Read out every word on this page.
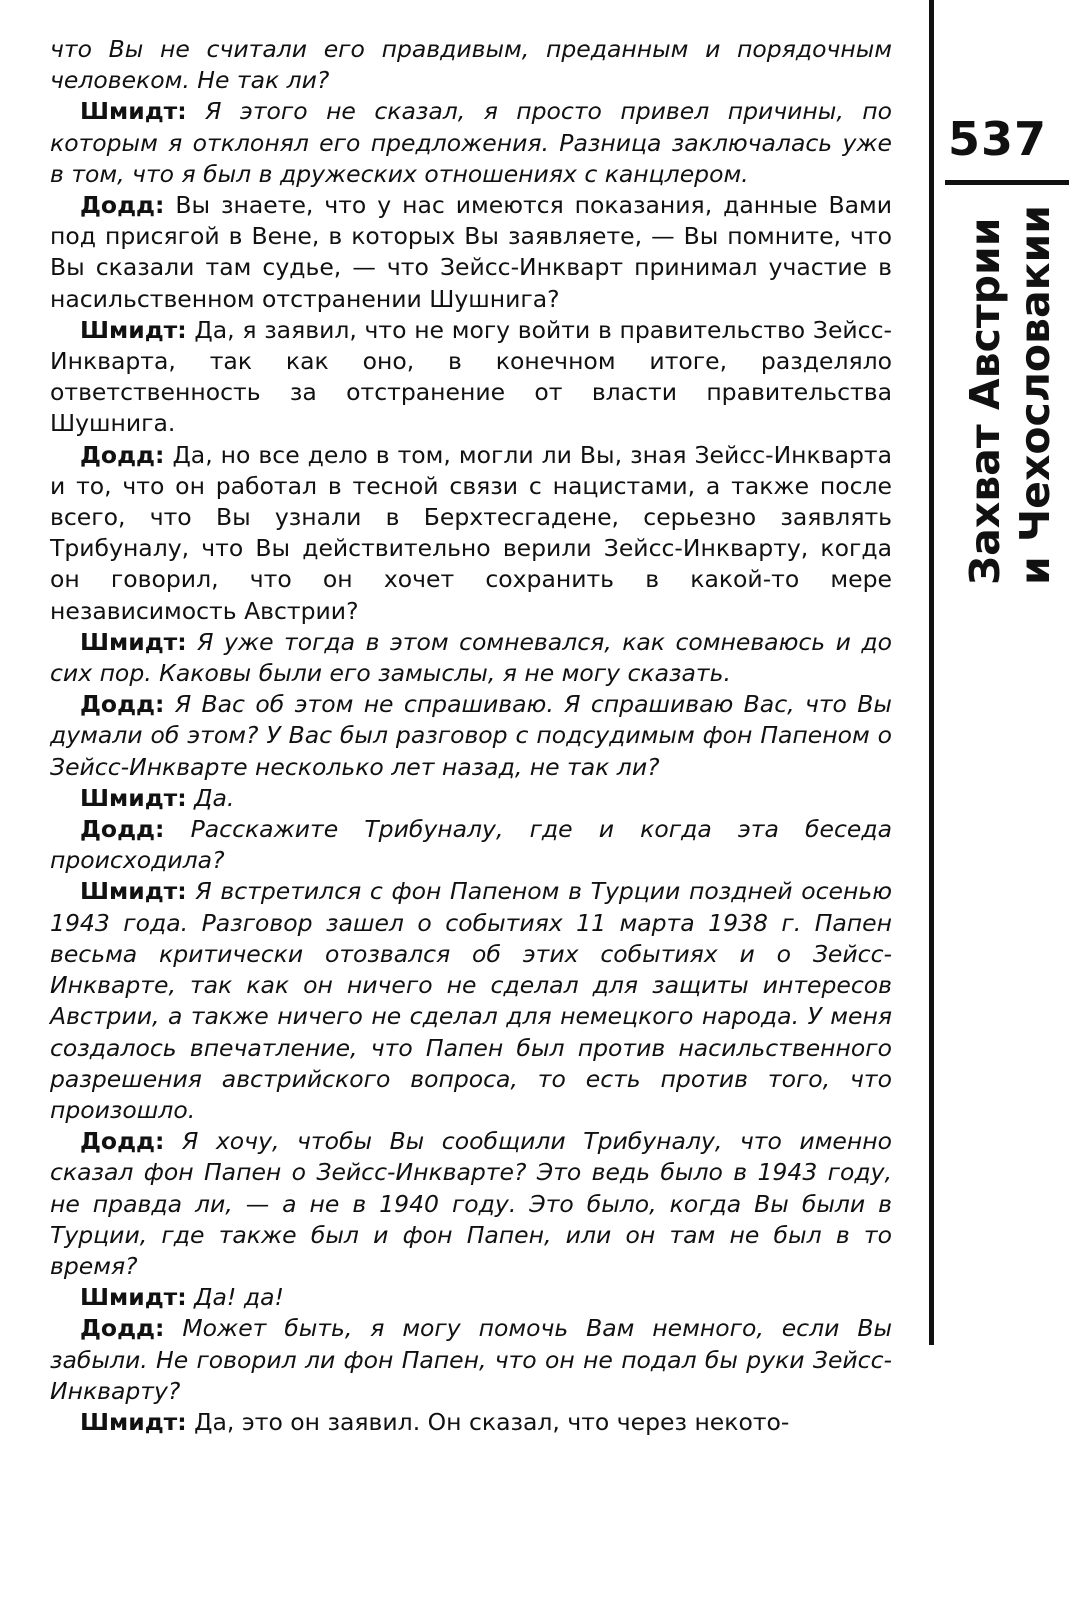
что Вы не считали его правдивым, преданным и порядочным человеком. Не так ли?

Шмидт: Я этого не сказал, я просто привел причины, по которым я отклонял его предложения. Разница заключалась уже в том, что я был в дружеских отношениях с канцлером.

Додд: Вы знаете, что у нас имеются показания, данные Вами под присягой в Вене, в которых Вы заявляете, — Вы помните, что Вы сказали там судье, — что Зейсс-Инкварт принимал участие в насильственном отстранении Шушнига?

Шмидт: Да, я заявил, что не могу войти в правительство Зейсс-Инкварта, так как оно, в конечном итоге, разделяло ответственность за отстранение от власти правительства Шушнига.

Додд: Да, но все дело в том, могли ли Вы, зная Зейсс-Инкварта и то, что он работал в тесной связи с нацистами, а также после всего, что Вы узнали в Берхтесгадене, серьезно заявлять Трибуналу, что Вы действительно верили Зейсс-Инкварту, когда он говорил, что он хочет сохранить в какой-то мере независимость Австрии?

Шмидт: Я уже тогда в этом сомневался, как сомневаюсь и до сих пор. Каковы были его замыслы, я не могу сказать.

Додд: Я Вас об этом не спрашиваю. Я спрашиваю Вас, что Вы думали об этом? У Вас был разговор с подсудимым фон Папеном о Зейсс-Инкварте несколько лет назад, не так ли?

Шмидт: Да.

Додд: Расскажите Трибуналу, где и когда эта беседа происходила?

Шмидт: Я встретился с фон Папеном в Турции поздней осенью 1943 года. Разговор зашел о событиях 11 марта 1938 г. Папен весьма критически отозвался об этих событиях и о Зейсс-Инкварте, так как он ничего не сделал для защиты интересов Австрии, а также ничего не сделал для немецкого народа. У меня создалось впечатление, что Папен был против насильственного разрешения австрийского вопроса, то есть против того, что произошло.

Додд: Я хочу, чтобы Вы сообщили Трибуналу, что именно сказал фон Папен о Зейсс-Инкварте? Это ведь было в 1943 году, не правда ли, — а не в 1940 году. Это было, когда Вы были в Турции, где также был и фон Папен, или он там не был в то время?

Шмидт: Да! да!

Додд: Может быть, я могу помочь Вам немного, если Вы забыли. Не говорил ли фон Папен, что он не подал бы руки Зейсс-Инкварту?

Шмидт: Да, это он заявил. Он сказал, что через некото-

537
Захват Австрии и Чехословакии
